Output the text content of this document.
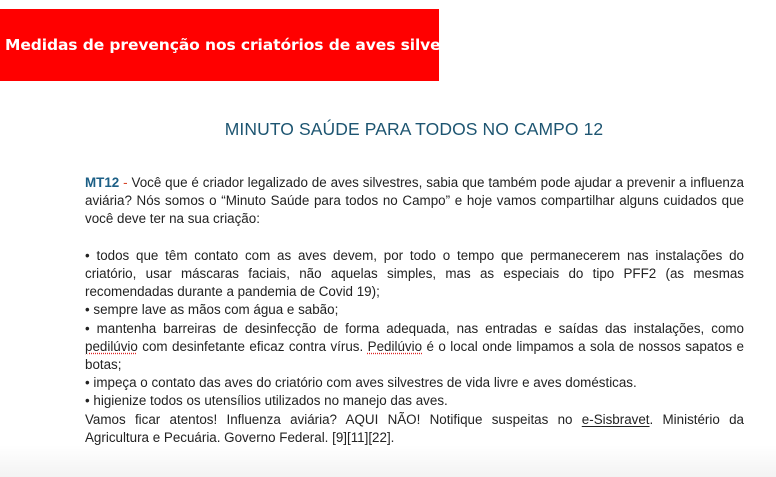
Medidas de prevenção nos criatórios de aves silvestres
MINUTO SAÚDE PARA TODOS NO CAMPO 12

MT12 - Você que é criador legalizado de aves silvestres, sabia que também pode ajudar a prevenir a influenza aviária? Nós somos o “Minuto Saúde para todos no Campo” e hoje vamos compartilhar alguns cuidados que você deve ter na sua criação:

• todos que têm contato com as aves devem, por todo o tempo que permanecerem nas instalações do criatório, usar máscaras faciais, não aquelas simples, mas as especiais do tipo PFF2 (as mesmas recomendadas durante a pandemia de Covid 19);

• sempre lave as mãos com água e sabão;

• mantenha barreiras de desinfecção de forma adequada, nas entradas e saídas das instalações, como pedilúvio com desinfetante eficaz contra vírus. Pedilúvio é o local onde limpamos a sola de nossos sapatos e botas;

• impeça o contato das aves do criatório com aves silvestres de vida livre e aves domésticas.

• higienize todos os utensílios utilizados no manejo das aves.

Vamos ficar atentos! Influenza aviária? AQUI NÃO! Notifique suspeitas no e-Sisbravet. Ministério da Agricultura e Pecuária. Governo Federal. [9][11][22].
